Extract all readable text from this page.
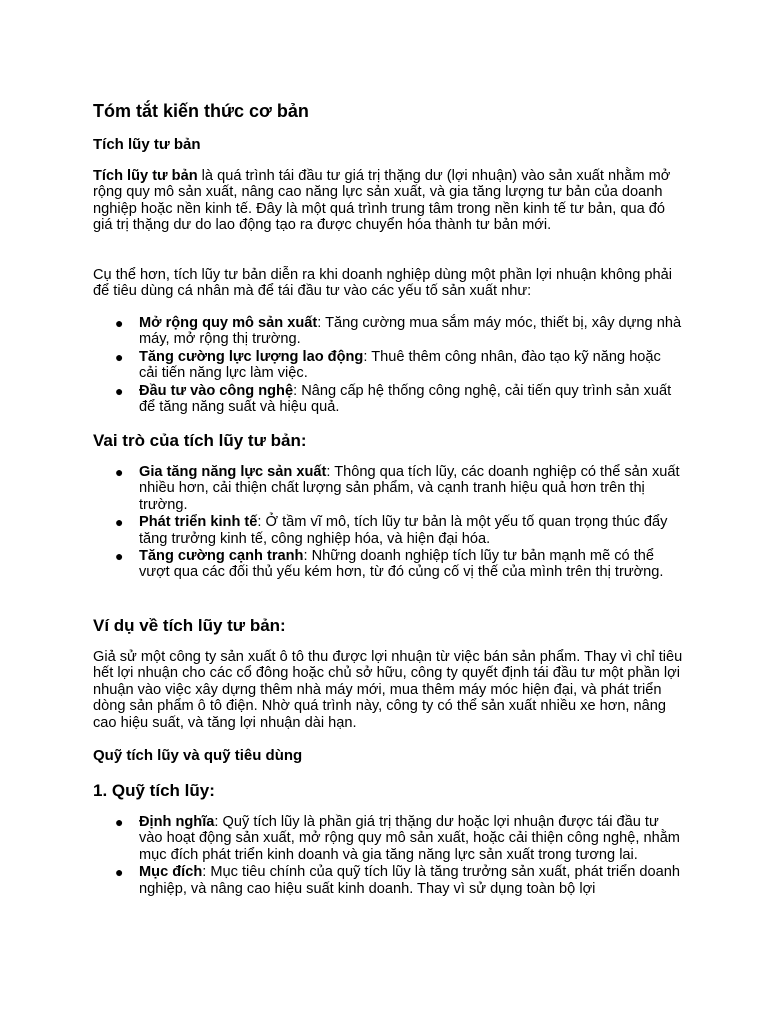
Tóm tắt kiến thức cơ bản
Tích lũy tư bản

Tích lũy tư bản là quá trình tái đầu tư giá trị thặng dư (lợi nhuận) vào sản xuất nhằm mở rộng quy mô sản xuất, nâng cao năng lực sản xuất, và gia tăng lượng tư bản của doanh nghiệp hoặc nền kinh tế. Đây là một quá trình trung tâm trong nền kinh tế tư bản, qua đó giá trị thặng dư do lao động tạo ra được chuyển hóa thành tư bản mới.

Cụ thể hơn, tích lũy tư bản diễn ra khi doanh nghiệp dùng một phần lợi nhuận không phải để tiêu dùng cá nhân mà để tái đầu tư vào các yếu tố sản xuất như:

● Mở rộng quy mô sản xuất: Tăng cường mua sắm máy móc, thiết bị, xây dựng nhà máy, mở rộng thị trường.
● Tăng cường lực lượng lao động: Thuê thêm công nhân, đào tạo kỹ năng hoặc cải tiến năng lực làm việc.
● Đầu tư vào công nghệ: Nâng cấp hệ thống công nghệ, cải tiến quy trình sản xuất để tăng năng suất và hiệu quả.
Vai trò của tích lũy tư bản:
● Gia tăng năng lực sản xuất: Thông qua tích lũy, các doanh nghiệp có thể sản xuất nhiều hơn, cải thiện chất lượng sản phẩm, và cạnh tranh hiệu quả hơn trên thị trường.
● Phát triển kinh tế: Ở tầm vĩ mô, tích lũy tư bản là một yếu tố quan trọng thúc đẩy tăng trưởng kinh tế, công nghiệp hóa, và hiện đại hóa.
● Tăng cường cạnh tranh: Những doanh nghiệp tích lũy tư bản mạnh mẽ có thể vượt qua các đối thủ yếu kém hơn, từ đó củng cố vị thế của mình trên thị trường.
Ví dụ về tích lũy tư bản:

Giả sử một công ty sản xuất ô tô thu được lợi nhuận từ việc bán sản phẩm. Thay vì chỉ tiêu hết lợi nhuận cho các cổ đông hoặc chủ sở hữu, công ty quyết định tái đầu tư một phần lợi nhuận vào việc xây dựng thêm nhà máy mới, mua thêm máy móc hiện đại, và phát triển dòng sản phẩm ô tô điện. Nhờ quá trình này, công ty có thể sản xuất nhiều xe hơn, nâng cao hiệu suất, và tăng lợi nhuận dài hạn.

Quỹ tích lũy và quỹ tiêu dùng
1. Quỹ tích lũy:
● Định nghĩa: Quỹ tích lũy là phần giá trị thặng dư hoặc lợi nhuận được tái đầu tư vào hoạt động sản xuất, mở rộng quy mô sản xuất, hoặc cải thiện công nghệ, nhằm mục đích phát triển kinh doanh và gia tăng năng lực sản xuất trong tương lai.
● Mục đích: Mục tiêu chính của quỹ tích lũy là tăng trưởng sản xuất, phát triển doanh nghiệp, và nâng cao hiệu suất kinh doanh. Thay vì sử dụng toàn bộ lợi
